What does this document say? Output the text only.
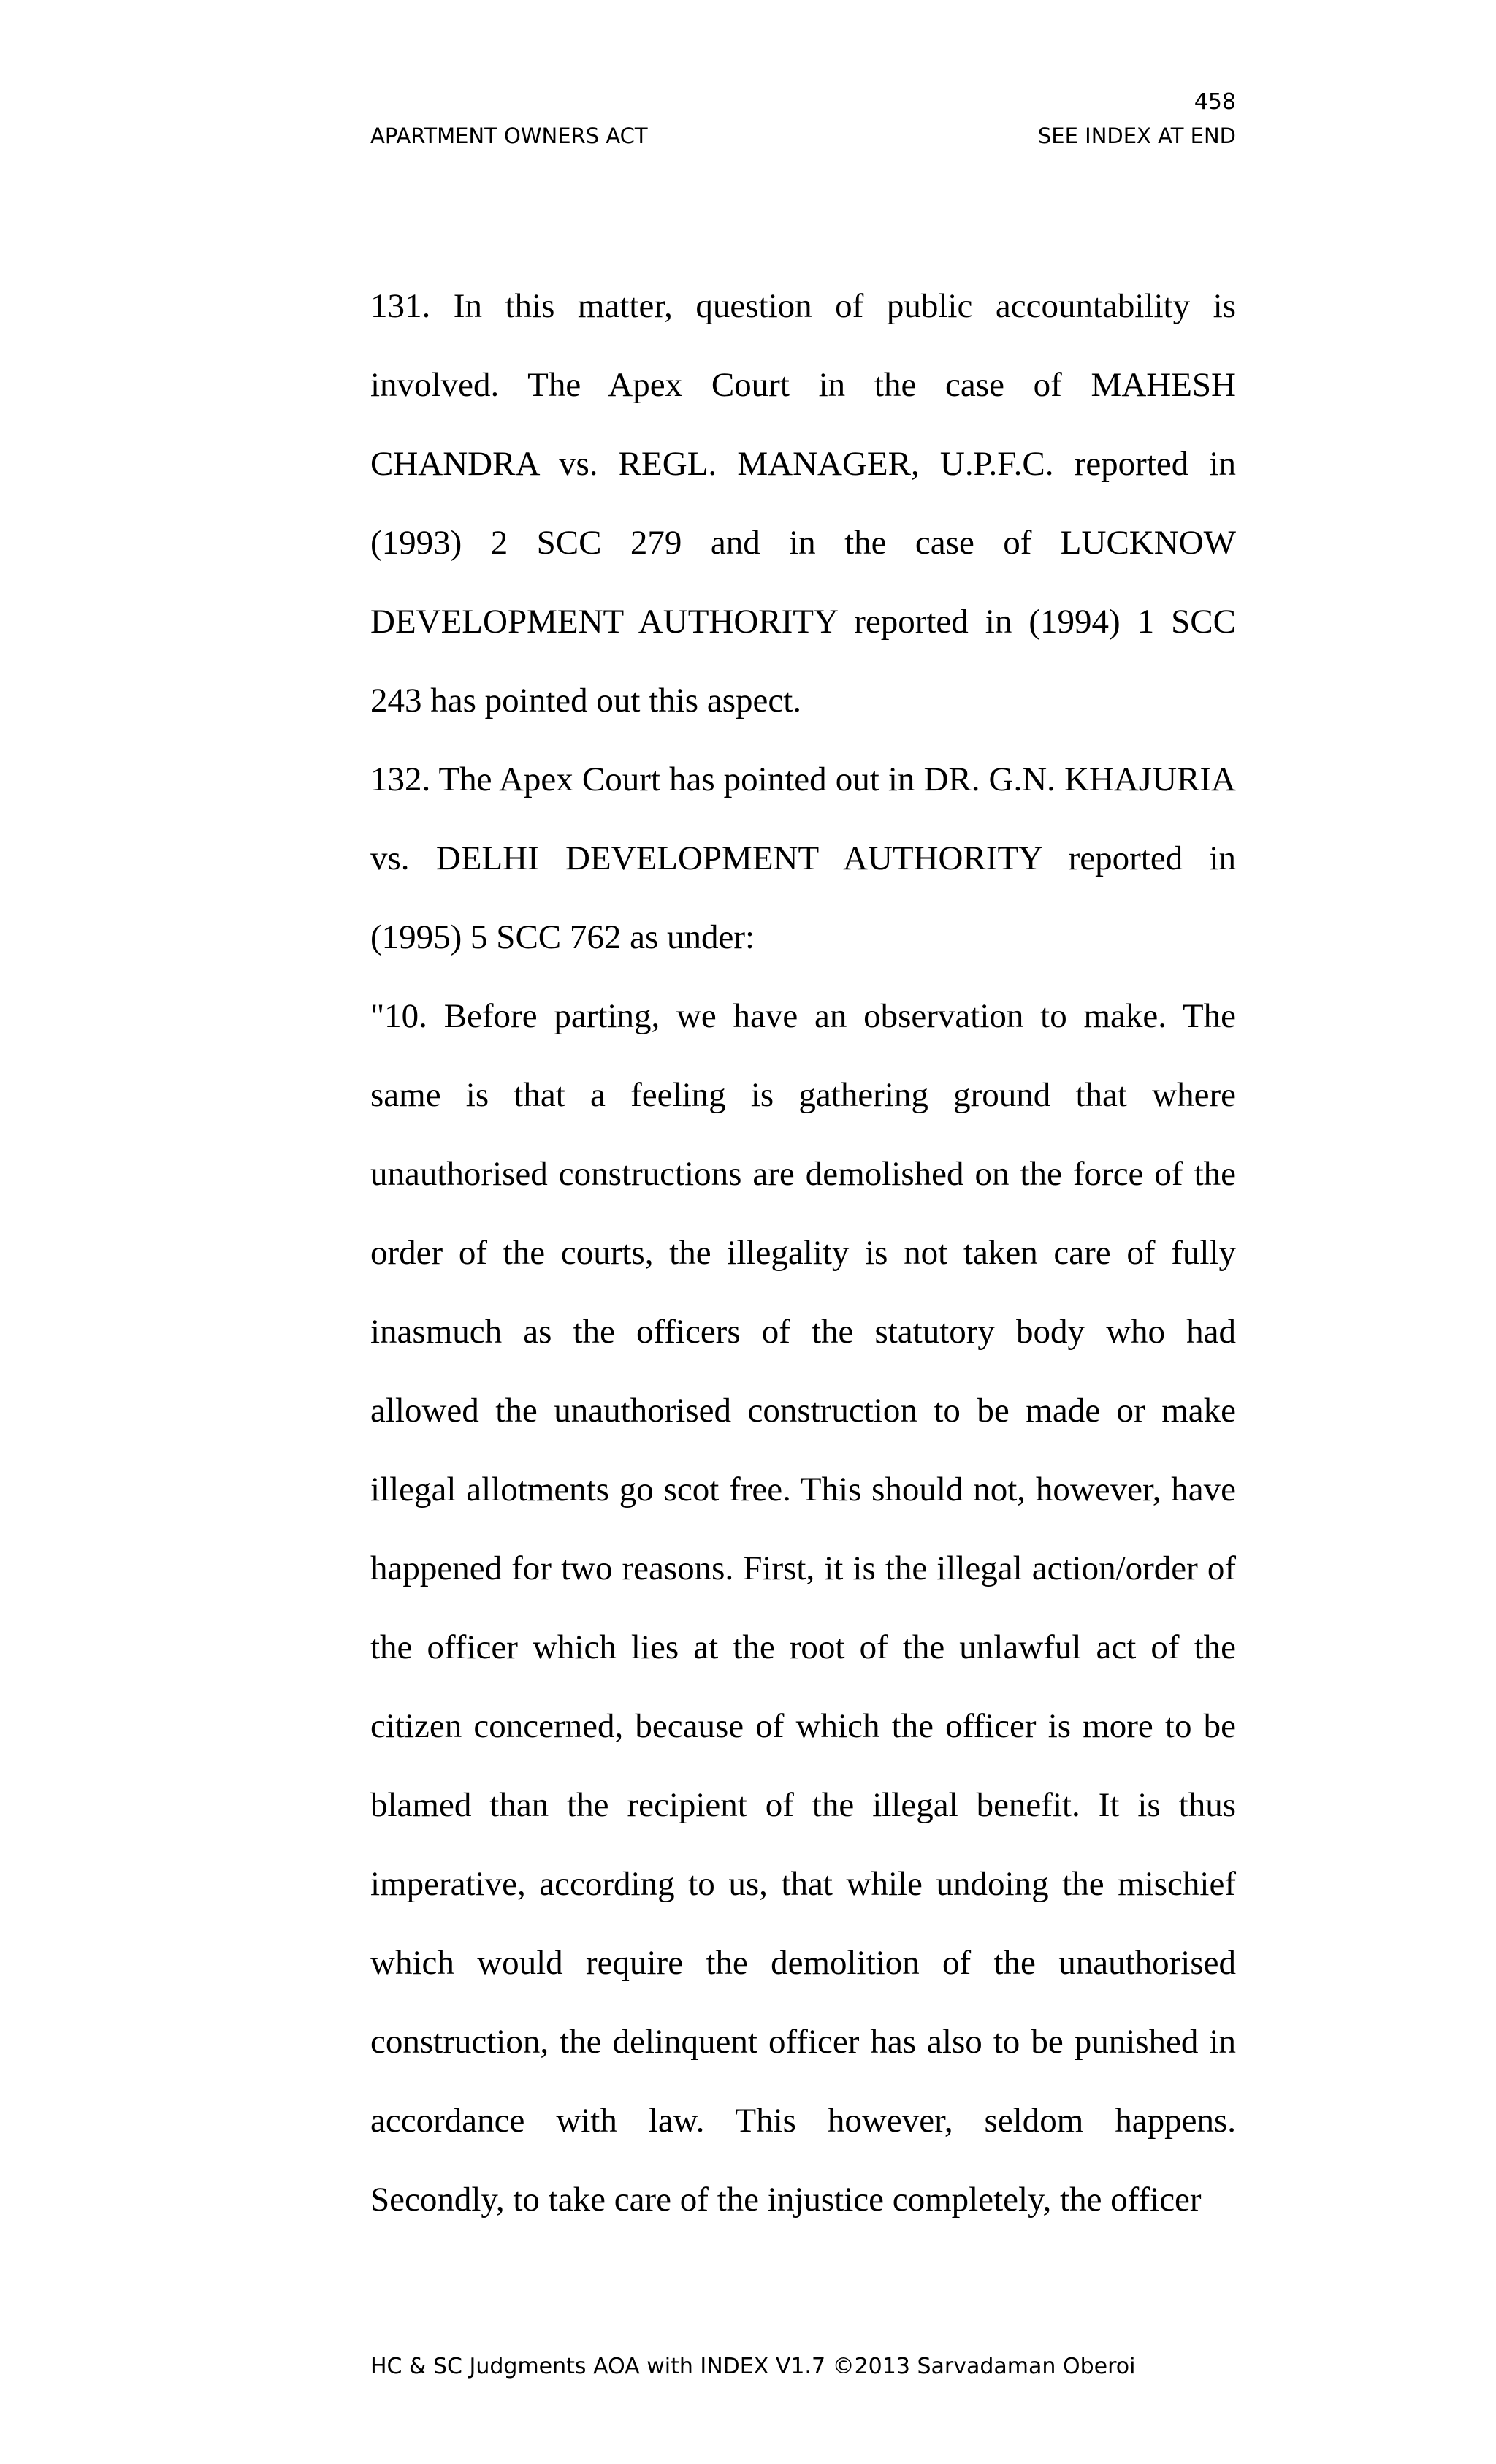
458
APARTMENT OWNERS ACT	SEE INDEX AT END

131. In this matter, question of public accountability is involved. The Apex Court in the case of MAHESH CHANDRA vs. REGL. MANAGER, U.P.F.C. reported in (1993) 2 SCC 279 and in the case of LUCKNOW DEVELOPMENT AUTHORITY reported in (1994) 1 SCC 243 has pointed out this aspect.

132. The Apex Court has pointed out in DR. G.N. KHAJURIA vs. DELHI DEVELOPMENT AUTHORITY reported in (1995) 5 SCC 762 as under:

"10. Before parting, we have an observation to make. The same is that a feeling is gathering ground that where unauthorised constructions are demolished on the force of the order of the courts, the illegality is not taken care of fully inasmuch as the officers of the statutory body who had allowed the unauthorised construction to be made or make illegal allotments go scot free. This should not, however, have happened for two reasons. First, it is the illegal action/order of the officer which lies at the root of the unlawful act of the citizen concerned, because of which the officer is more to be blamed than the recipient of the illegal benefit. It is thus imperative, according to us, that while undoing the mischief which would require the demolition of the unauthorised construction, the delinquent officer has also to be punished in accordance with law. This however, seldom happens. Secondly, to take care of the injustice completely, the officer

HC & SC Judgments AOA with INDEX V1.7 ©2013 Sarvadaman Oberoi
